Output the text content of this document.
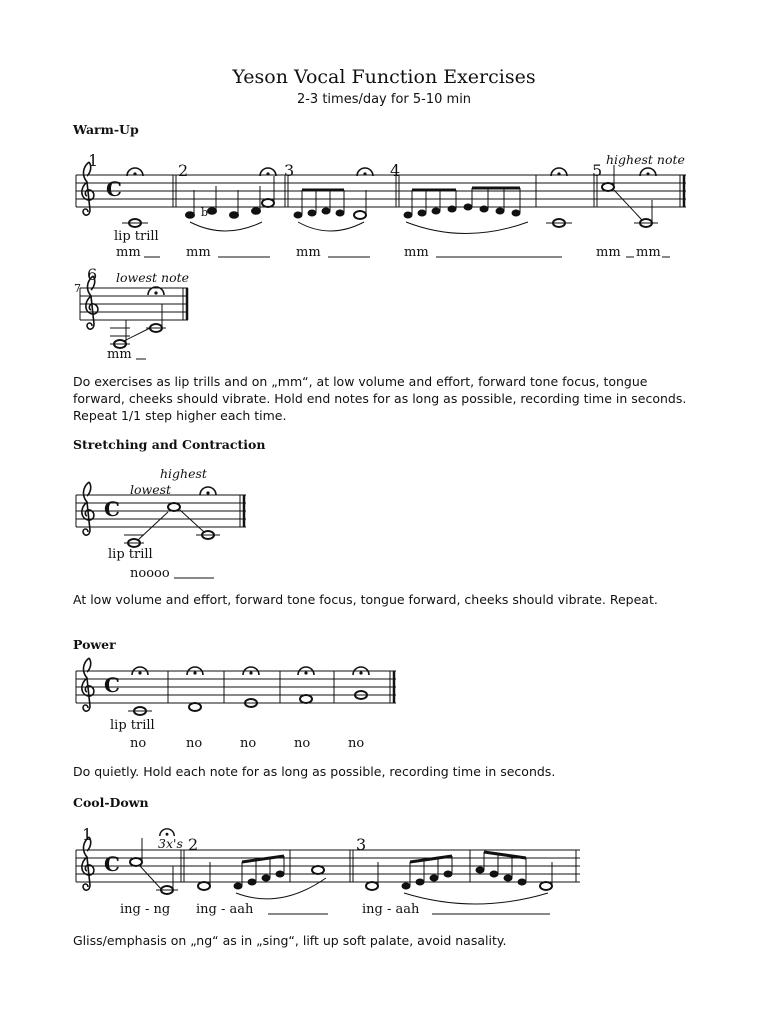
Yeson Vocal Function Exercises
2-3 times/day for 5-10 min
Warm-Up
Do exercises as lip trills and on „mm“, at low volume and effort, forward tone focus, tongue forward, cheeks should vibrate. Hold end notes for as long as possible, recording time in seconds. Repeat 1/1 step higher each time.
Stretching and Contraction
At low volume and effort, forward tone focus, tongue forward, cheeks should vibrate. Repeat.
Power
Do quietly. Hold each note for as long as possible, recording time in seconds.
Cool-Down
Gliss/emphasis on „ng“ as in „sing“, lift up soft palate, avoid nasality.
C
1
2	3	4	5
highest note
b
lip trill
mm	mm	mm	mm	mm mm
7
6 lowest note
mm
C
highest
lowest
lip trill
noooo
C
lip trill
no	no	no	no	no
C
1
2	3
3x's
ing - ng ing - aah	ing - aah
